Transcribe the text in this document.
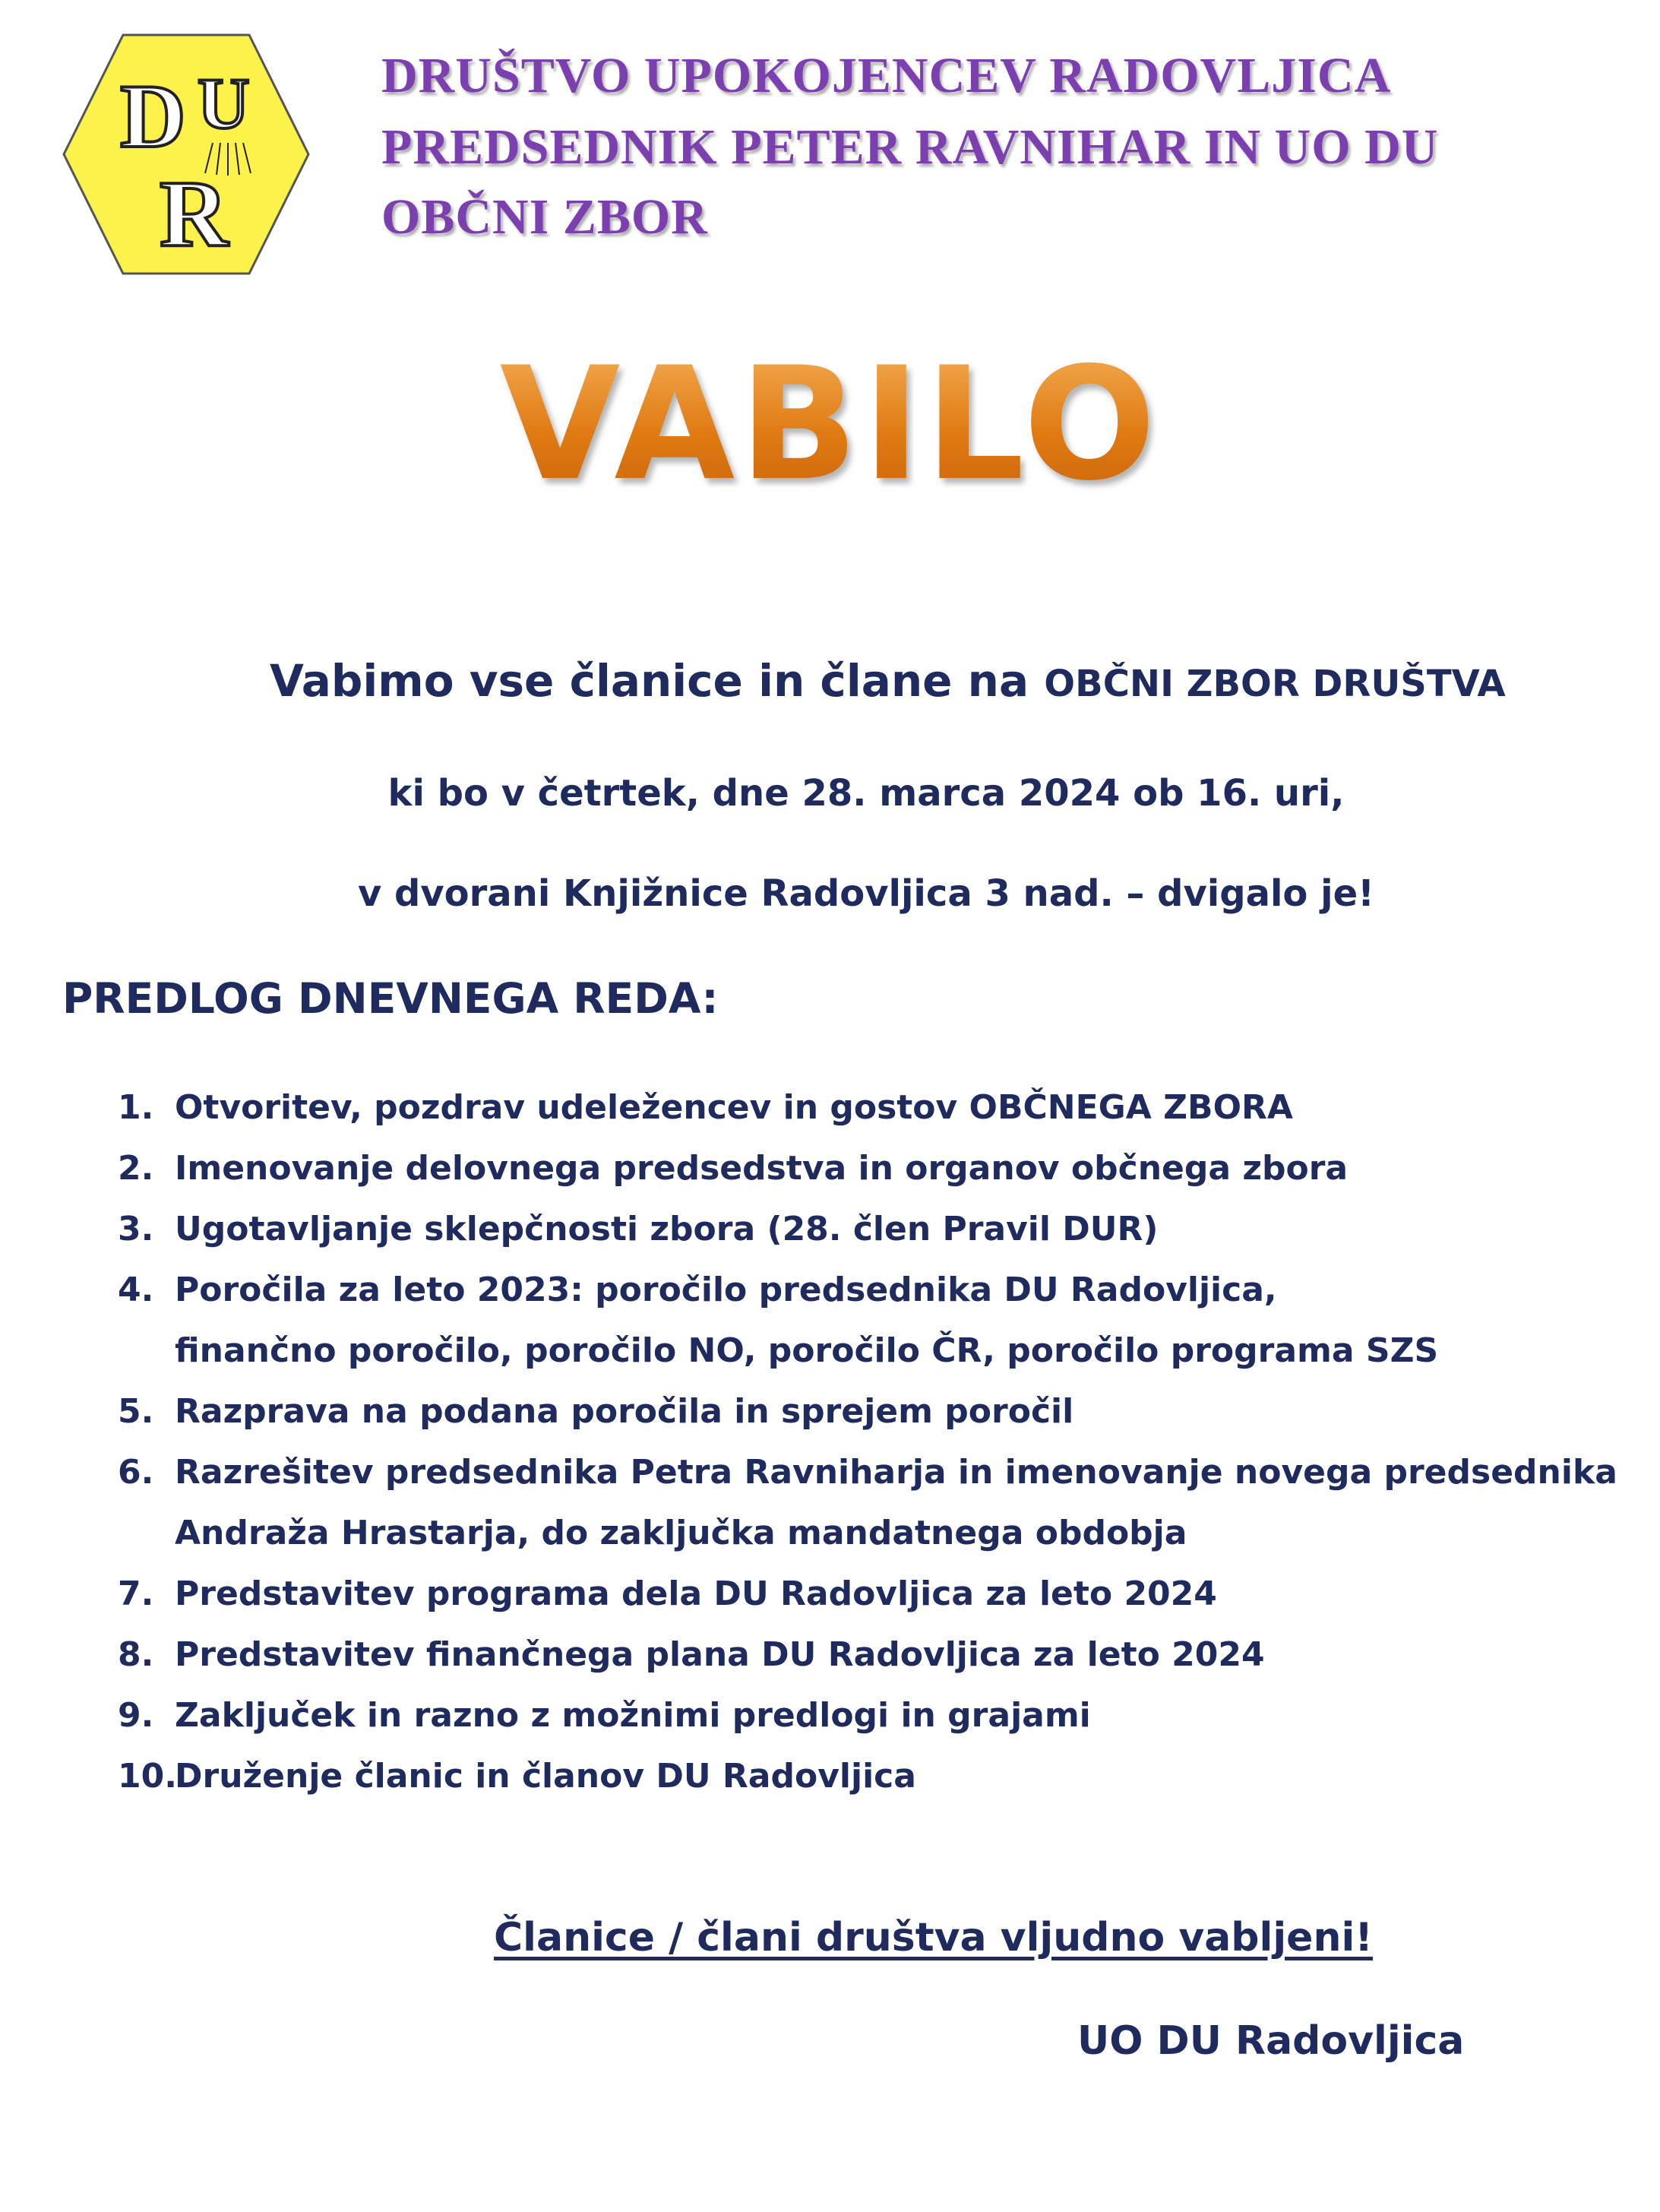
D U
R
DRUŠTVO UPOKOJENCEV RADOVLJICA
PREDSEDNIK PETER RAVNIHAR IN UO DU
OBČNI ZBOR
VABILO
Vabimo vse članice in člane na OBČNI ZBOR DRUŠTVA
ki bo v četrtek, dne 28. marca 2024 ob 16. uri,
v dvorani Knjižnice Radovljica 3 nad. – dvigalo je!
PREDLOG DNEVNEGA REDA:
1. Otvoritev, pozdrav udeležencev in gostov OBČNEGA ZBORA
2. Imenovanje delovnega predsedstva in organov občnega zbora
3. Ugotavljanje sklepčnosti zbora (28. člen Pravil DUR)
4. Poročila za leto 2023: poročilo predsednika DU Radovljica,
finančno poročilo, poročilo NO, poročilo ČR, poročilo programa SZS
5. Razprava na podana poročila in sprejem poročil
6. Razrešitev predsednika Petra Ravniharja in imenovanje novega predsednika
Andraža Hrastarja, do zaključka mandatnega obdobja
7. Predstavitev programa dela DU Radovljica za leto 2024
8. Predstavitev finančnega plana DU Radovljica za leto 2024
9. Zaključek in razno z možnimi predlogi in grajami
10.
Druženje članic in članov DU Radovljica
Članice / člani društva vljudno vabljeni!
UO DU Radovljica
